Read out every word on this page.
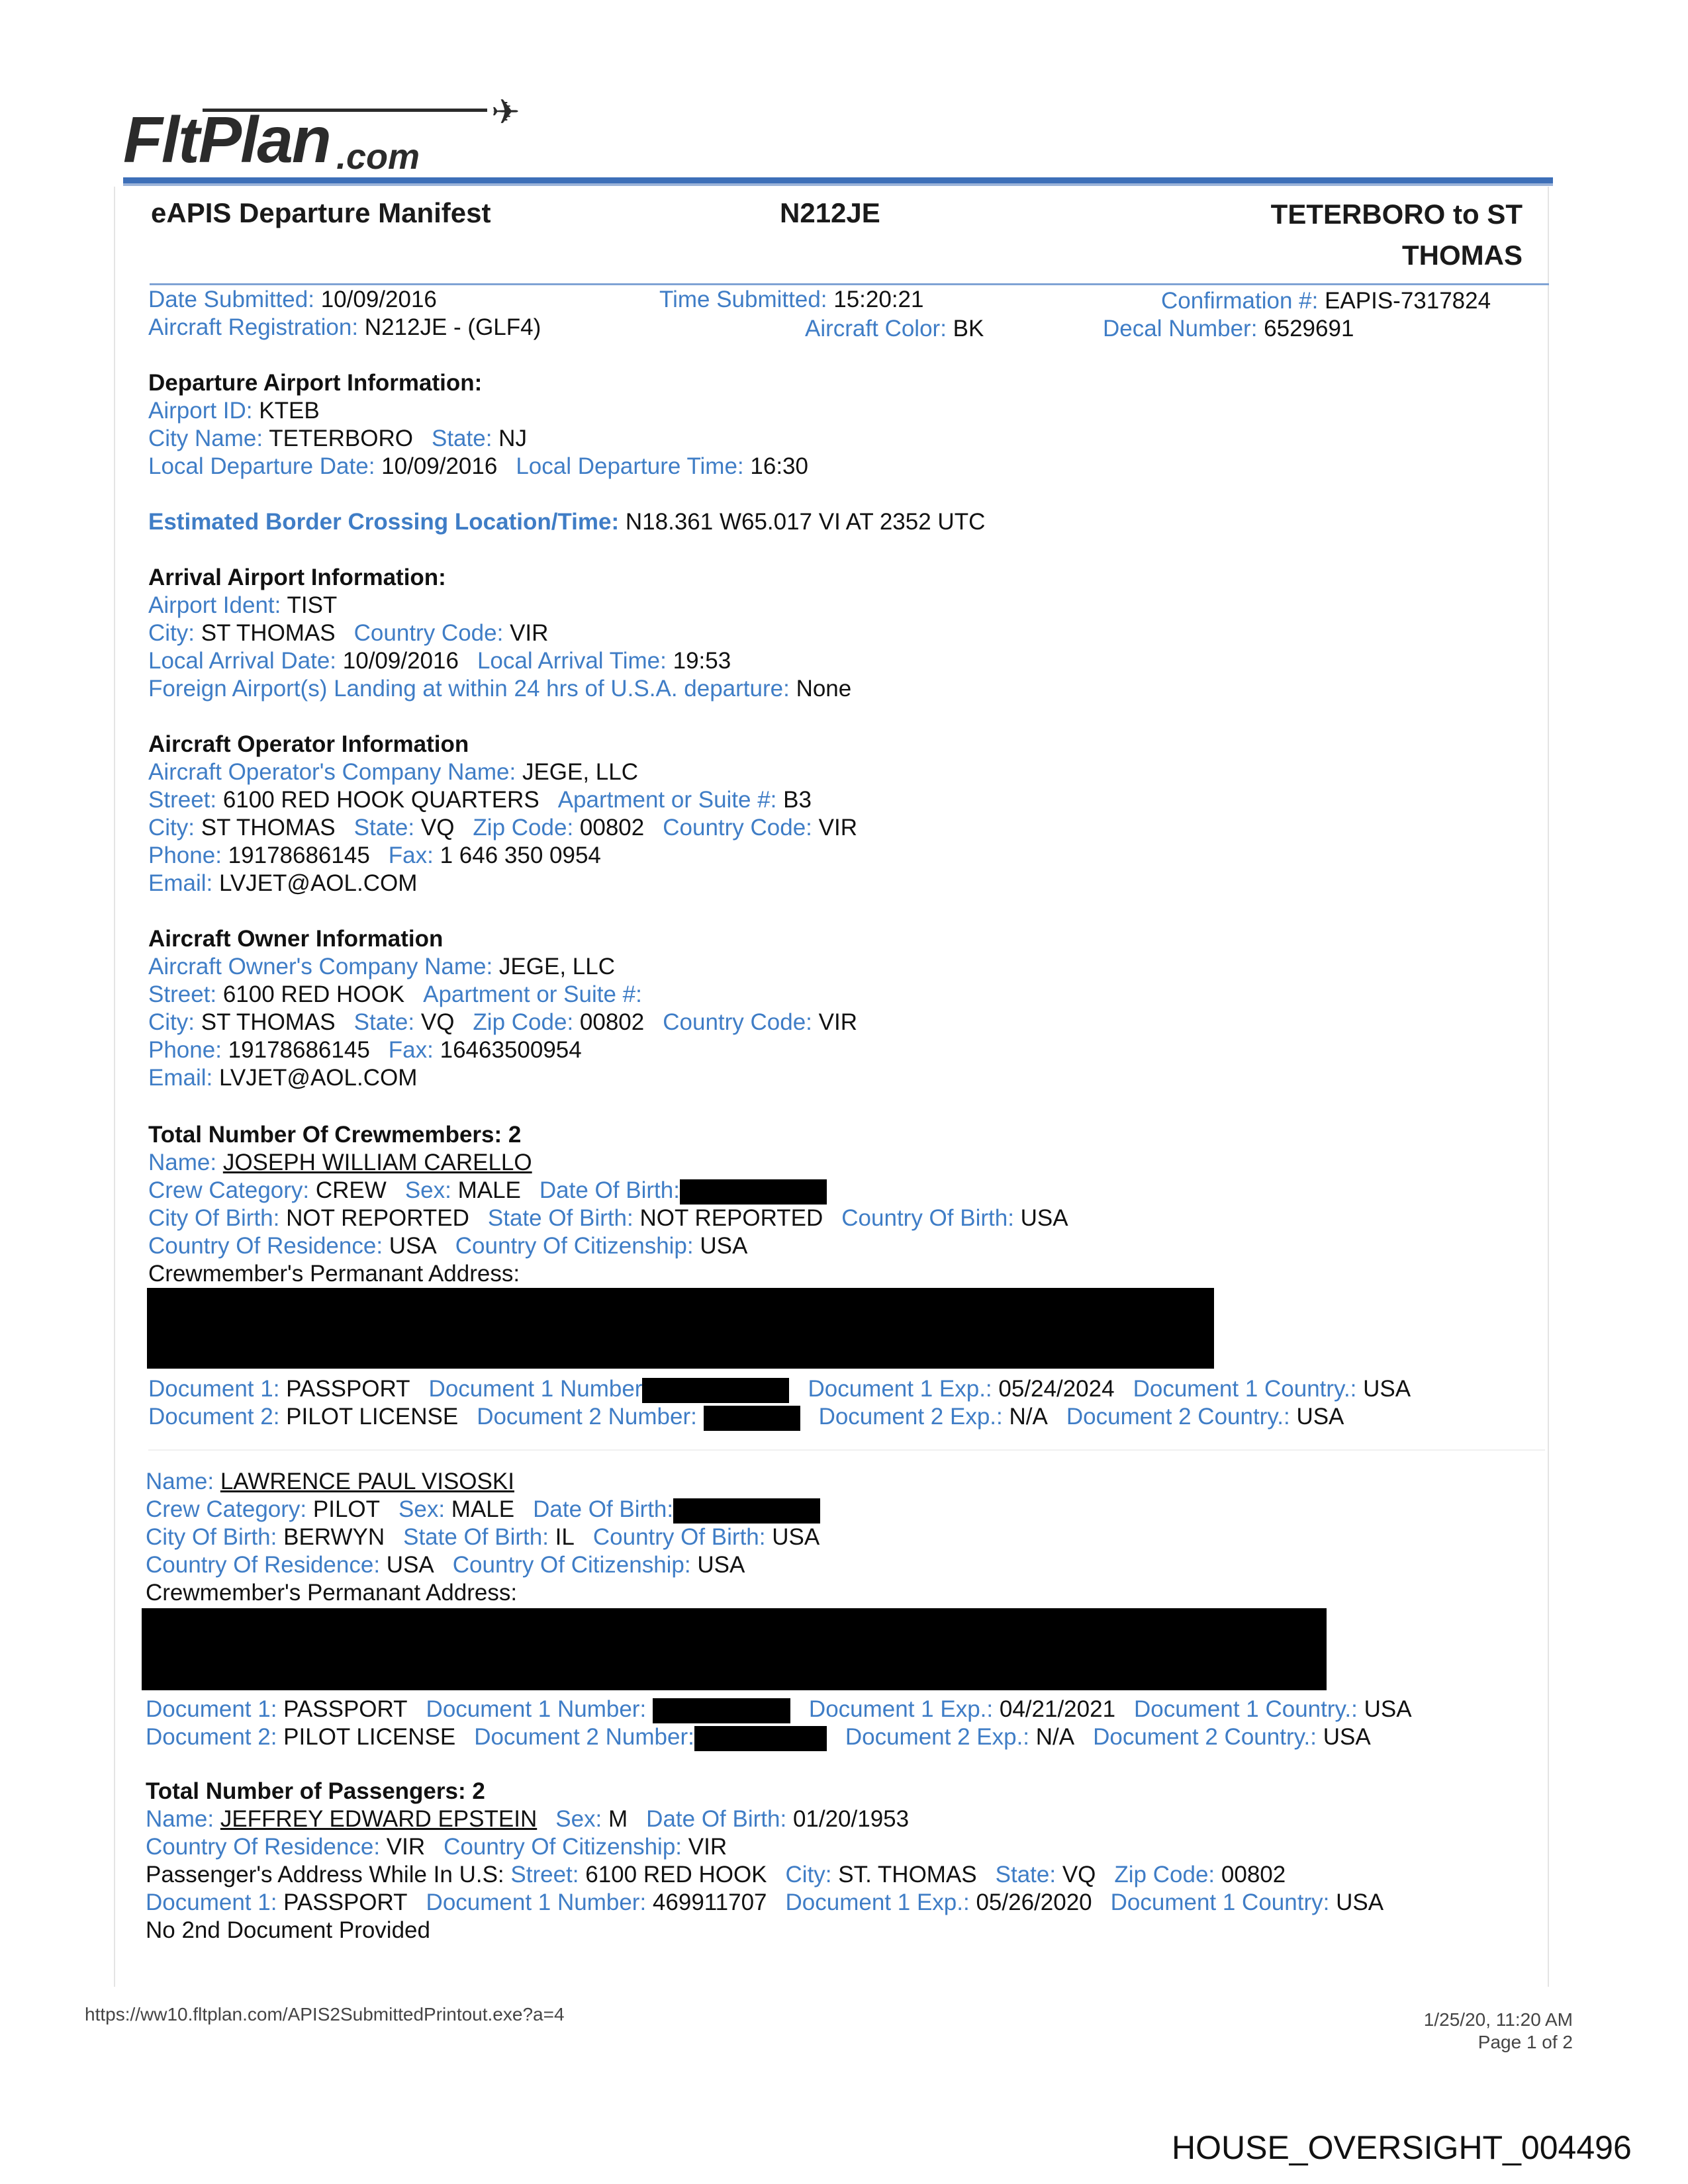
✈
FltPlan .com
eAPIS Departure Manifest	N212JE	TETERBORO to ST
THOMAS
Date Submitted: 10/09/2016	Time Submitted: 15:20:21	Confirmation #: EAPIS-7317824
Aircraft Registration: N212JE - (GLF4)	Aircraft Color: BK	Decal Number: 6529691
Departure Airport Information:
Airport ID: KTEB
City Name: TETERBORO State: NJ
Local Departure Date: 10/09/2016 Local Departure Time: 16:30
Estimated Border Crossing Location/Time: N18.361 W65.017 VI AT 2352 UTC
Arrival Airport Information:
Airport Ident: TIST
City: ST THOMAS Country Code: VIR
Local Arrival Date: 10/09/2016 Local Arrival Time: 19:53
Foreign Airport(s) Landing at within 24 hrs of U.S.A. departure: None
Aircraft Operator Information
Aircraft Operator's Company Name: JEGE, LLC
Street: 6100 RED HOOK QUARTERS Apartment or Suite #: B3
City: ST THOMAS State: VQ Zip Code: 00802 Country Code: VIR
Phone: 19178686145 Fax: 1 646 350 0954
Email: LVJET@AOL.COM
Aircraft Owner Information
Aircraft Owner's Company Name: JEGE, LLC
Street: 6100 RED HOOK Apartment or Suite #:
City: ST THOMAS State: VQ Zip Code: 00802 Country Code: VIR
Phone: 19178686145 Fax: 16463500954
Email: LVJET@AOL.COM
Total Number Of Crewmembers: 2
Name: JOSEPH WILLIAM CARELLO
Crew Category: CREW Sex: MALE Date Of Birth:
City Of Birth: NOT REPORTED State Of Birth: NOT REPORTED Country Of Birth: USA
Country Of Residence: USA Country Of Citizenship: USA
Crewmember's Permanant Address:
Document 1: PASSPORT Document 1 Number	Document 1 Exp.: 05/24/2024 Document 1 Country.: USA
Document 2: PILOT LICENSE Document 2 Number:	Document 2 Exp.: N/A Document 2 Country.: USA
Name: LAWRENCE PAUL VISOSKI
Crew Category: PILOT Sex: MALE Date Of Birth:
City Of Birth: BERWYN State Of Birth: IL Country Of Birth: USA
Country Of Residence: USA Country Of Citizenship: USA
Crewmember's Permanant Address:
Document 1: PASSPORT Document 1 Number:	Document 1 Exp.: 04/21/2021 Document 1 Country.: USA
Document 2: PILOT LICENSE Document 2 Number:	Document 2 Exp.: N/A Document 2 Country.: USA
Total Number of Passengers: 2
Name: JEFFREY EDWARD EPSTEIN Sex: M Date Of Birth: 01/20/1953
Country Of Residence: VIR Country Of Citizenship: VIR
Passenger's Address While In U.S: Street: 6100 RED HOOK City: ST. THOMAS State: VQ Zip Code: 00802
Document 1: PASSPORT Document 1 Number: 469911707 Document 1 Exp.: 05/26/2020 Document 1 Country: USA
No 2nd Document Provided
https://ww10.fltplan.com/APIS2SubmittedPrintout.exe?a=4	1/25/20, 11:20 AM
Page 1 of 2
HOUSE_OVERSIGHT_004496
